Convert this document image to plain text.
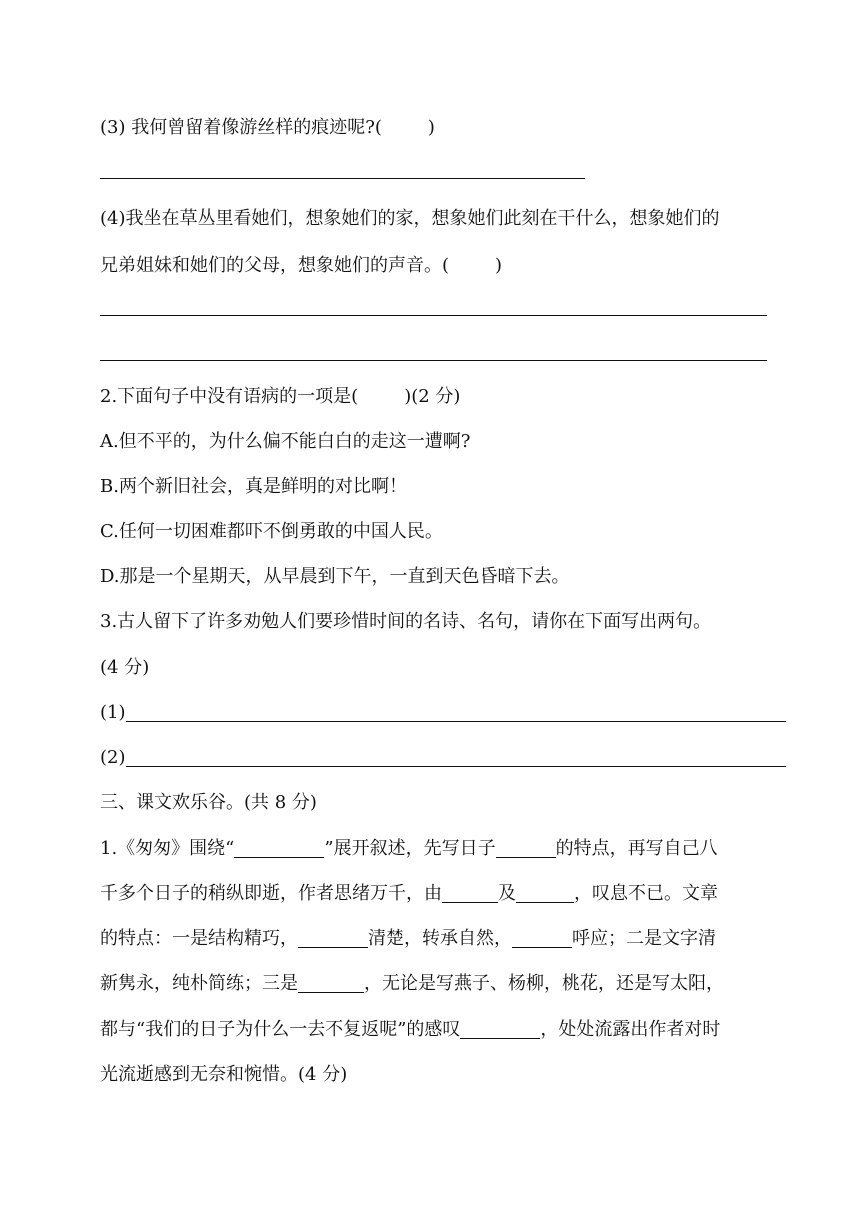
(3) 我何曾留着像游丝样的痕迹呢?(	)

(4)我坐在草丛里看她们，想象她们的家，想象她们此刻在干什么，想象她们的

兄弟姐妹和她们的父母，想象她们的声音。(	)

2.下面句子中没有语病的一项是(	)(2 分)

A.但不平的，为什么偏不能白白的走这一遭啊?

B.两个新旧社会，真是鲜明的对比啊！

C.任何一切困难都吓不倒勇敢的中国人民。

D.那是一个星期天，从早晨到下午，一直到天色昏暗下去。

3.古人留下了许多劝勉人们要珍惜时间的名诗、名句，请你在下面写出两句。

(4 分)

(1)

(2)

三、课文欢乐谷。(共 8 分)

1.《匆匆》围绕“	”展开叙述，先写日子	的特点，再写自己八

千多个日子的稍纵即逝，作者思绪万千，由	及	，叹息不已。文章

的特点：一是结构精巧，	清楚，转承自然，	呼应；二是文字清

新隽永，纯朴简练；三是	，无论是写燕子、杨柳，桃花，还是写太阳，

都与“我们的日子为什么一去不复返呢”的感叹	，处处流露出作者对时

光流逝感到无奈和惋惜。(4 分)
